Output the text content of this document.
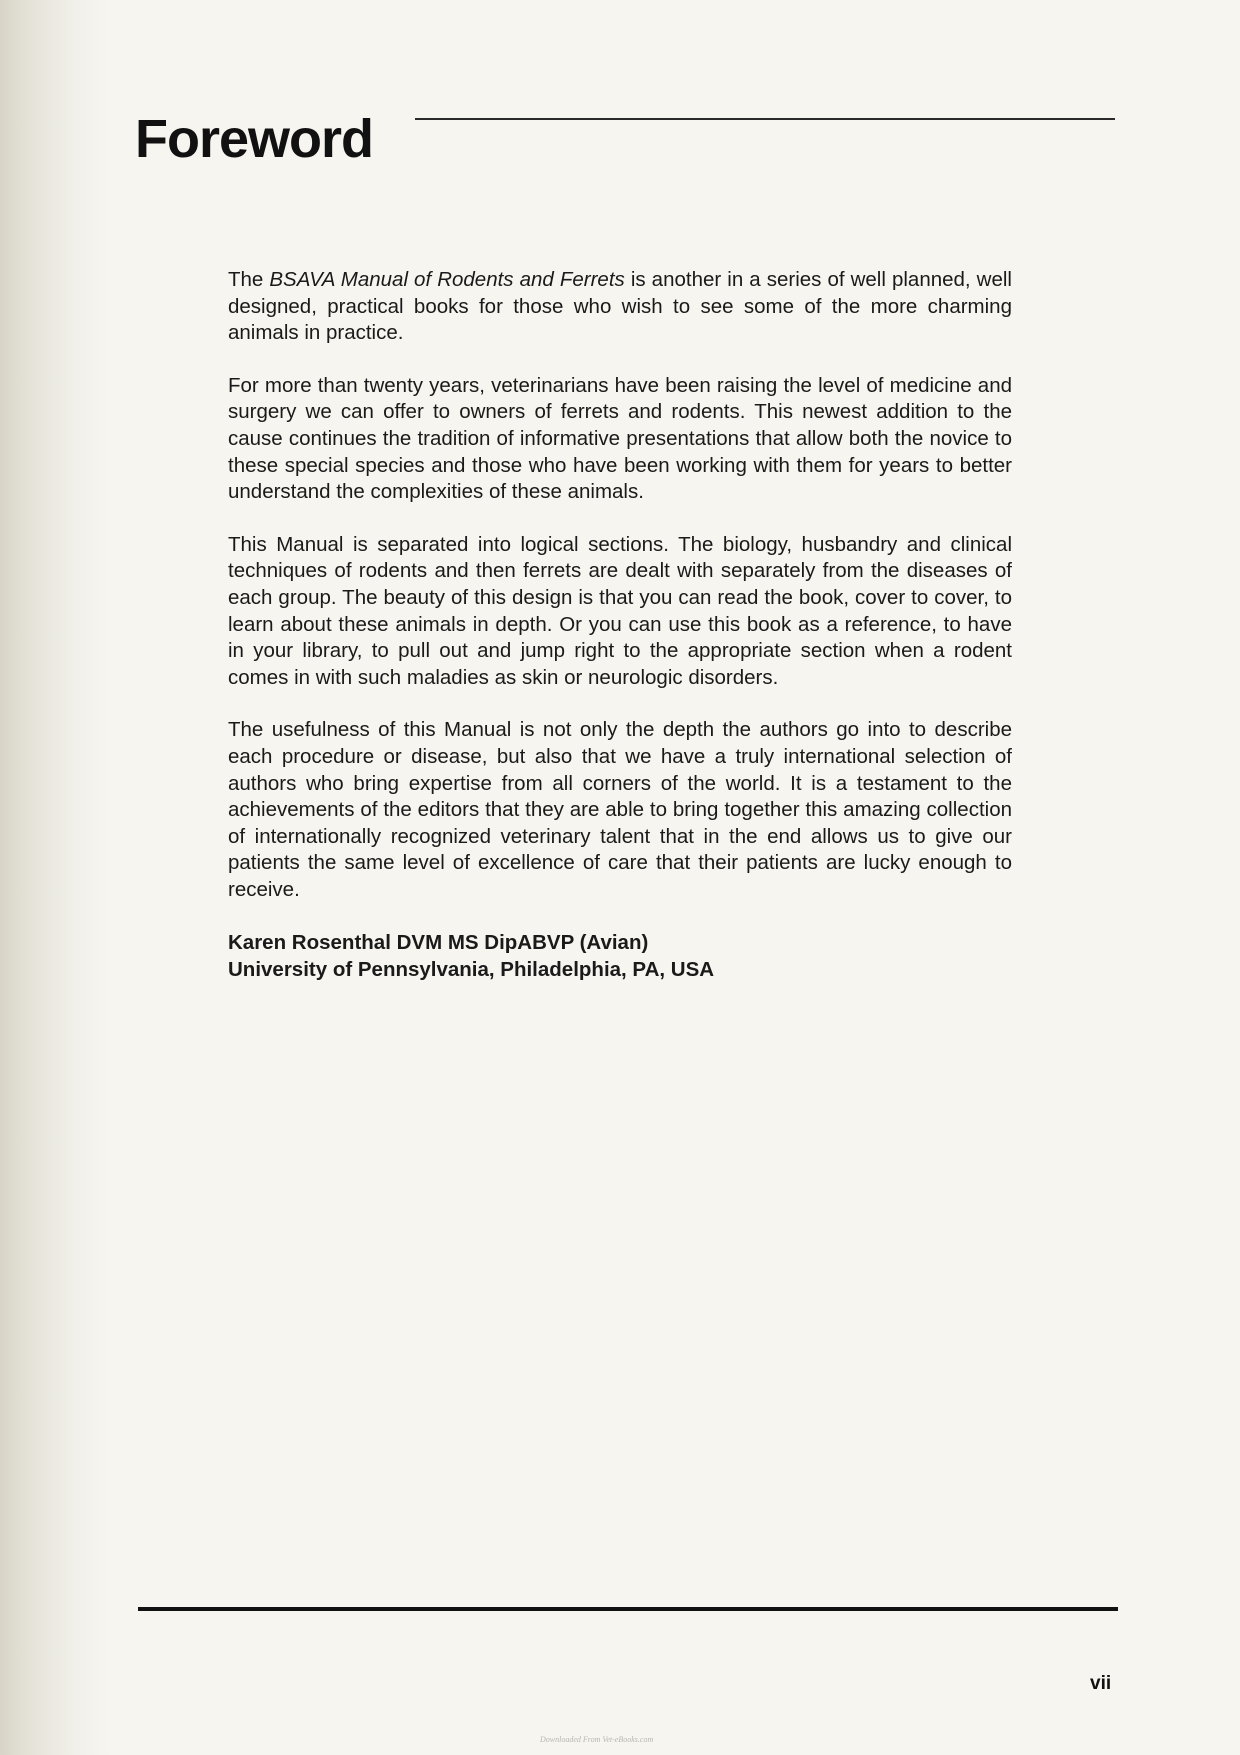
Foreword

The BSAVA Manual of Rodents and Ferrets is another in a series of well planned, well designed, practical books for those who wish to see some of the more charming animals in practice.

For more than twenty years, veterinarians have been raising the level of medicine and surgery we can offer to owners of ferrets and rodents. This newest addition to the cause continues the tradition of informative presentations that allow both the novice to these special species and those who have been working with them for years to better understand the complexities of these animals.

This Manual is separated into logical sections. The biology, husbandry and clinical techniques of rodents and then ferrets are dealt with separately from the diseases of each group. The beauty of this design is that you can read the book, cover to cover, to learn about these animals in depth. Or you can use this book as a reference, to have in your library, to pull out and jump right to the appropriate section when a rodent comes in with such maladies as skin or neurologic disorders.

The usefulness of this Manual is not only the depth the authors go into to describe each procedure or disease, but also that we have a truly international selection of authors who bring expertise from all corners of the world. It is a testament to the achievements of the editors that they are able to bring together this amazing collection of internationally recognized veterinary talent that in the end allows us to give our patients the same level of excellence of care that their patients are lucky enough to receive.

Karen Rosenthal DVM MS DipABVP (Avian)
University of Pennsylvania, Philadelphia, PA, USA
vii
Downloaded From Vet-eBooks.com
